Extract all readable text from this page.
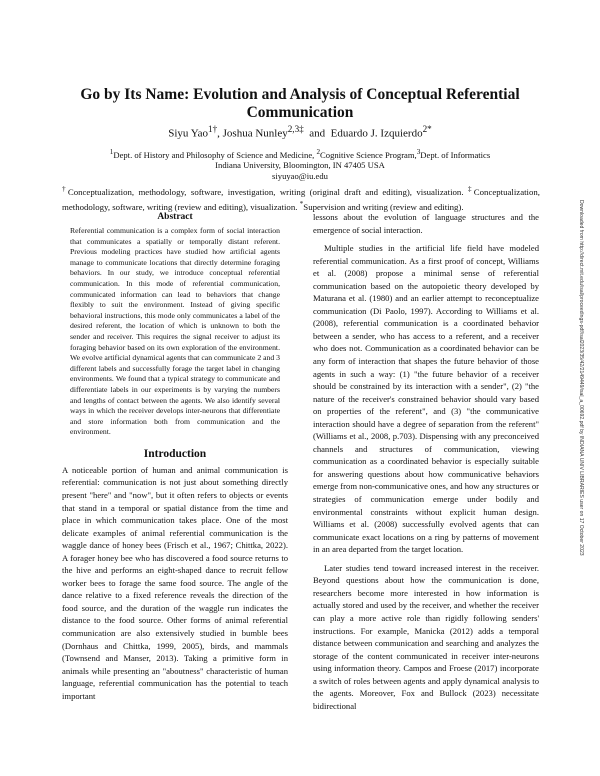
Go by Its Name: Evolution and Analysis of Conceptual Referential Communication
Siyu Yao$^{1\dagger}$, Joshua Nunley$^{2,3\ddagger}$  and  Eduardo J. Izquierdo$^{2*}$
$^1$Dept. of History and Philosophy of Science and Medicine, $^2$Cognitive Science Program,$^3$Dept. of Informatics
Indiana University, Bloomington, IN 47405 USA
siyuyao@iu.edu
†Conceptualization, methodology, software, investigation, writing (original draft and editing), visualization. ‡Conceptualization, methodology, software, writing (review and editing), visualization. *Supervision and writing (review and editing).
Abstract

Referential communication is a complex form of social interaction that communicates a spatially or temporally distant referent. Previous modeling practices have studied how artificial agents manage to communicate locations that directly determine foraging behaviors. In our study, we introduce conceptual referential communication. In this mode of referential communication, communicated information can lead to behaviors that change flexibly to suit the environment. Instead of giving specific behavioral instructions, this mode only communicates a label of the desired referent, the location of which is unknown to both the sender and receiver. This requires the signal receiver to adjust its foraging behavior based on its own exploration of the environment. We evolve artificial dynamical agents that can communicate 2 and 3 different labels and successfully forage the target label in changing environments. We found that a typical strategy to communicate and differentiate labels in our experiments is by varying the numbers and lengths of contact between the agents. We also identify several ways in which the receiver develops inter-neurons that differentiate and store information both from communication and the environment.

Introduction

A noticeable portion of human and animal communication is referential: communication is not just about something directly present "here" and "now", but it often refers to objects or events that stand in a temporal or spatial distance from the time and place in which communication takes place. One of the most delicate examples of animal referential communication is the waggle dance of honey bees (Frisch et al., 1967; Chittka, 2022). A forager honey bee who has discovered a food source returns to the hive and performs an eight-shaped dance to recruit fellow worker bees to forage the same food source. The angle of the dance relative to a fixed reference reveals the direction of the food source, and the duration of the waggle run indicates the distance to the food source. Other forms of animal referential communication are also extensively studied in bumble bees (Dornhaus and Chittka, 1999, 2005), birds, and mammals (Townsend and Manser, 2013). Taking a primitive form in animals while presenting an "aboutness" characteristic of human language, referential communication has the potential to teach important

lessons about the evolution of language structures and the emergence of social interaction.

Multiple studies in the artificial life field have modeled referential communication. As a first proof of concept, Williams et al. (2008) propose a minimal sense of referential communication based on the autopoietic theory developed by Maturana et al. (1980) and an earlier attempt to reconceptualize communication (Di Paolo, 1997). According to Williams et al. (2008), referential communication is a coordinated behavior between a sender, who has access to a referent, and a receiver who does not. Communication as a coordinated behavior can be any form of interaction that shapes the future behavior of those agents in such a way: (1) "the future behavior of a receiver should be constrained by its interaction with a sender", (2) "the nature of the receiver's constrained behavior should vary based on properties of the referent", and (3) "the communicative interaction should have a degree of separation from the referent" (Williams et al., 2008, p.703). Dispensing with any preconceived channels and structures of communication, viewing communication as a coordinated behavior is especially suitable for answering questions about how communicative behaviors emerge from non-communicative ones, and how any structures or strategies of communication emerge under bodily and environmental constraints without explicit human design. Williams et al. (2008) successfully evolved agents that can communicate exact locations on a ring by patterns of movement in an area departed from the target location.

Later studies tend toward increased interest in the receiver. Beyond questions about how the communication is done, researchers become more interested in how information is actually stored and used by the receiver, and whether the receiver can play a more active role than rigidly following senders' instructions. For example, Manicka (2012) adds a temporal distance between communication and searching and analyzes the storage of the content communicated in receiver inter-neurons using information theory. Campos and Froese (2017) incorporate a switch of roles between agents and apply dynamical analysis to the agents. Moreover, Fox and Bullock (2023) necessitate bidirectional

Downloaded from http://direct.mit.edu/isal/proceedings-pdf/isal2023/35/42/2149449/isal_a_00692.pdf by INDIANA UNIV LIBRARIES user on 17 October 2023
